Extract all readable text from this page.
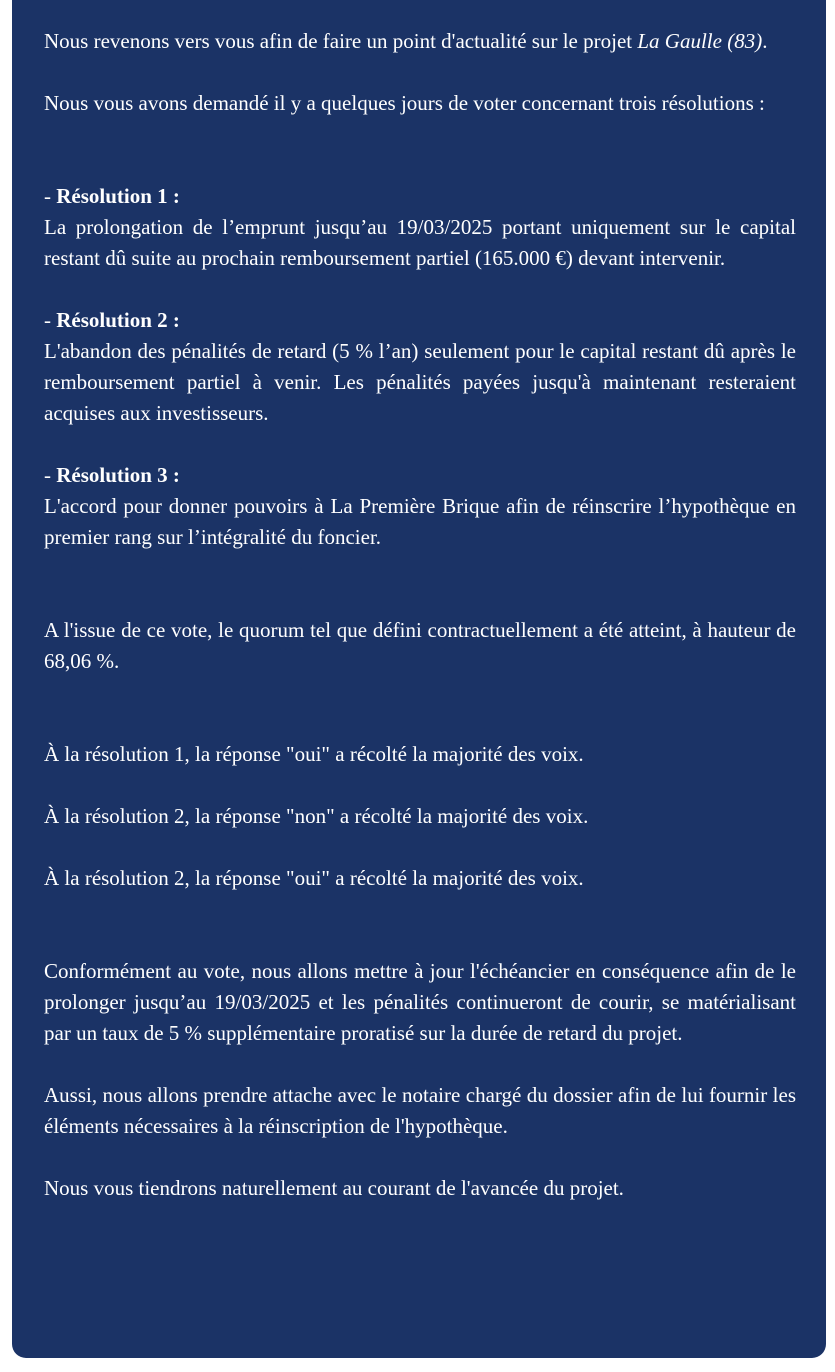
Nous revenons vers vous afin de faire un point d'actualité sur le projet La Gaulle (83).

Nous vous avons demandé il y a quelques jours de voter concernant trois résolutions :

- Résolution 1 :

La prolongation de l’emprunt jusqu’au 19/03/2025 portant uniquement sur le capital restant dû suite au prochain remboursement partiel (165.000 €) devant intervenir.

- Résolution 2 :

L'abandon des pénalités de retard (5 % l’an) seulement pour le capital restant dû après le remboursement partiel à venir. Les pénalités payées jusqu'à maintenant resteraient acquises aux investisseurs.

- Résolution 3 :

L'accord pour donner pouvoirs à La Première Brique afin de réinscrire l’hypothèque en premier rang sur l’intégralité du foncier.

A l'issue de ce vote, le quorum tel que défini contractuellement a été atteint, à hauteur de 68,06 %.

À la résolution 1, la réponse "oui" a récolté la majorité des voix.

À la résolution 2, la réponse "non" a récolté la majorité des voix.

À la résolution 2, la réponse "oui" a récolté la majorité des voix.

Conformément au vote, nous allons mettre à jour l'échéancier en conséquence afin de le prolonger jusqu’au 19/03/2025 et les pénalités continueront de courir, se matérialisant par un taux de 5 % supplémentaire proratisé sur la durée de retard du projet.

Aussi, nous allons prendre attache avec le notaire chargé du dossier afin de lui fournir les éléments nécessaires à la réinscription de l'hypothèque.

Nous vous tiendrons naturellement au courant de l'avancée du projet.
